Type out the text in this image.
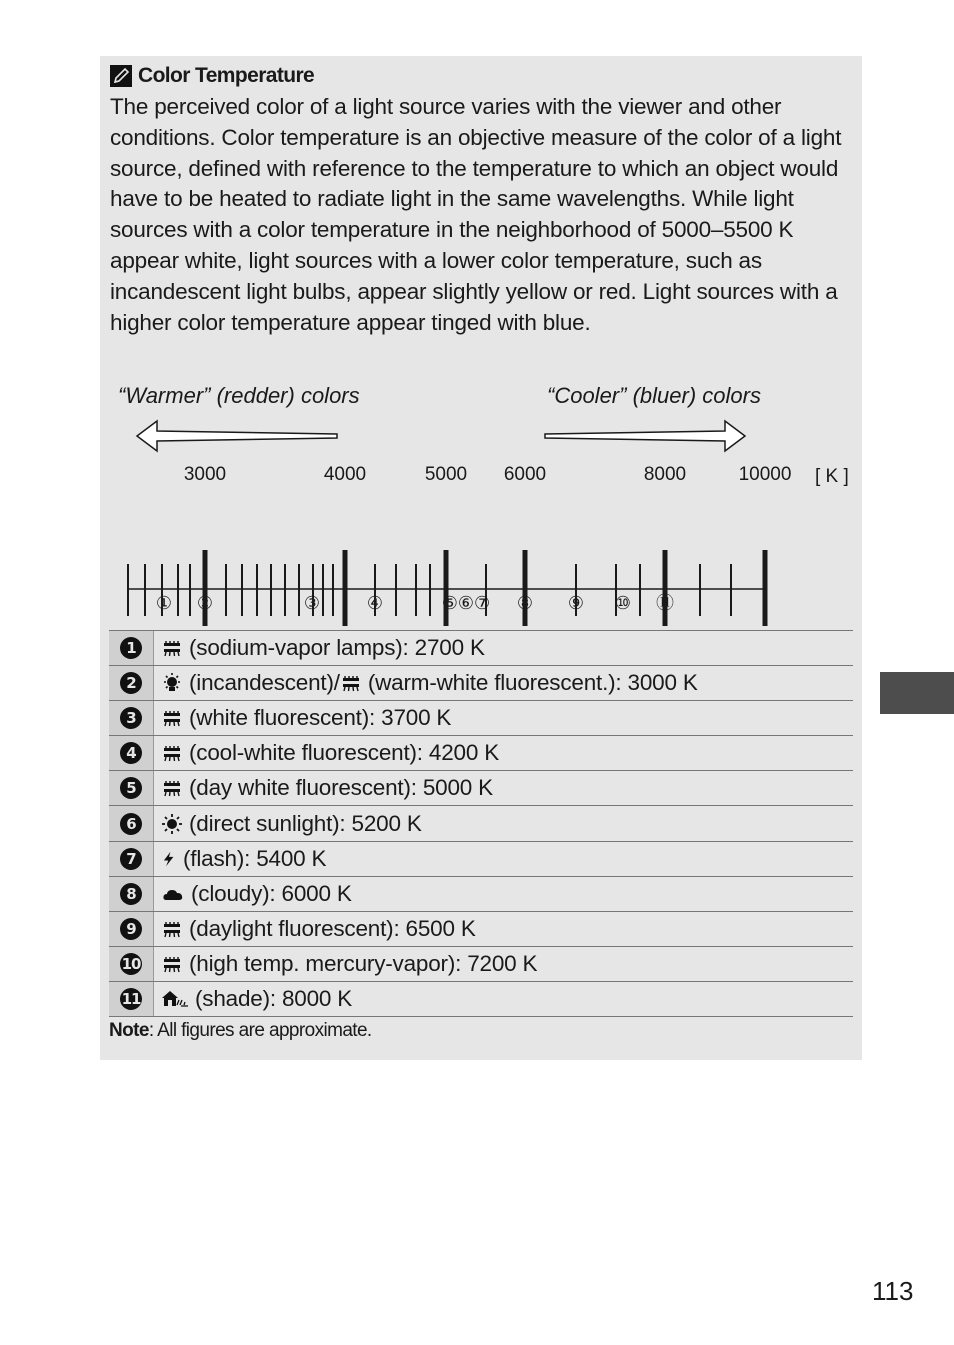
Color Temperature

The perceived color of a light source varies with the viewer and other conditions. Color temperature is an objective measure of the color of a light source, defined with reference to the temperature to which an object would have to be heated to radiate light in the same wavelengths. While light sources with a color temperature in the neighborhood of 5000–5500 K appear white, light sources with a lower color temperature, such as incandescent light bulbs, appear slightly yellow or red. Light sources with a higher color temperature appear tinged with blue.

“Warmer” (redder) colors	“Cooler” (bluer) colors
[ K ]
3000	4000	5000 6000	8000	10000
1 (sodium-vapor lamps): 2700 K
2 (incandescent)/ (warm-white fluorescent.): 3000 K
3 (white fluorescent): 3700 K
4 (cool-white fluorescent): 4200 K
5 (day white fluorescent): 5000 K
6 (direct sunlight): 5200 K
7 (flash): 5400 K
8 (cloudy): 6000 K
9 (daylight fluorescent): 6500 K
10 (high temp. mercury-vapor): 7200 K
11 (shade): 8000 K
Note: All figures are approximate.
① ②	③	④	⑤⑥⑦ ⑧ ⑨ ⑩ ⑪
113
